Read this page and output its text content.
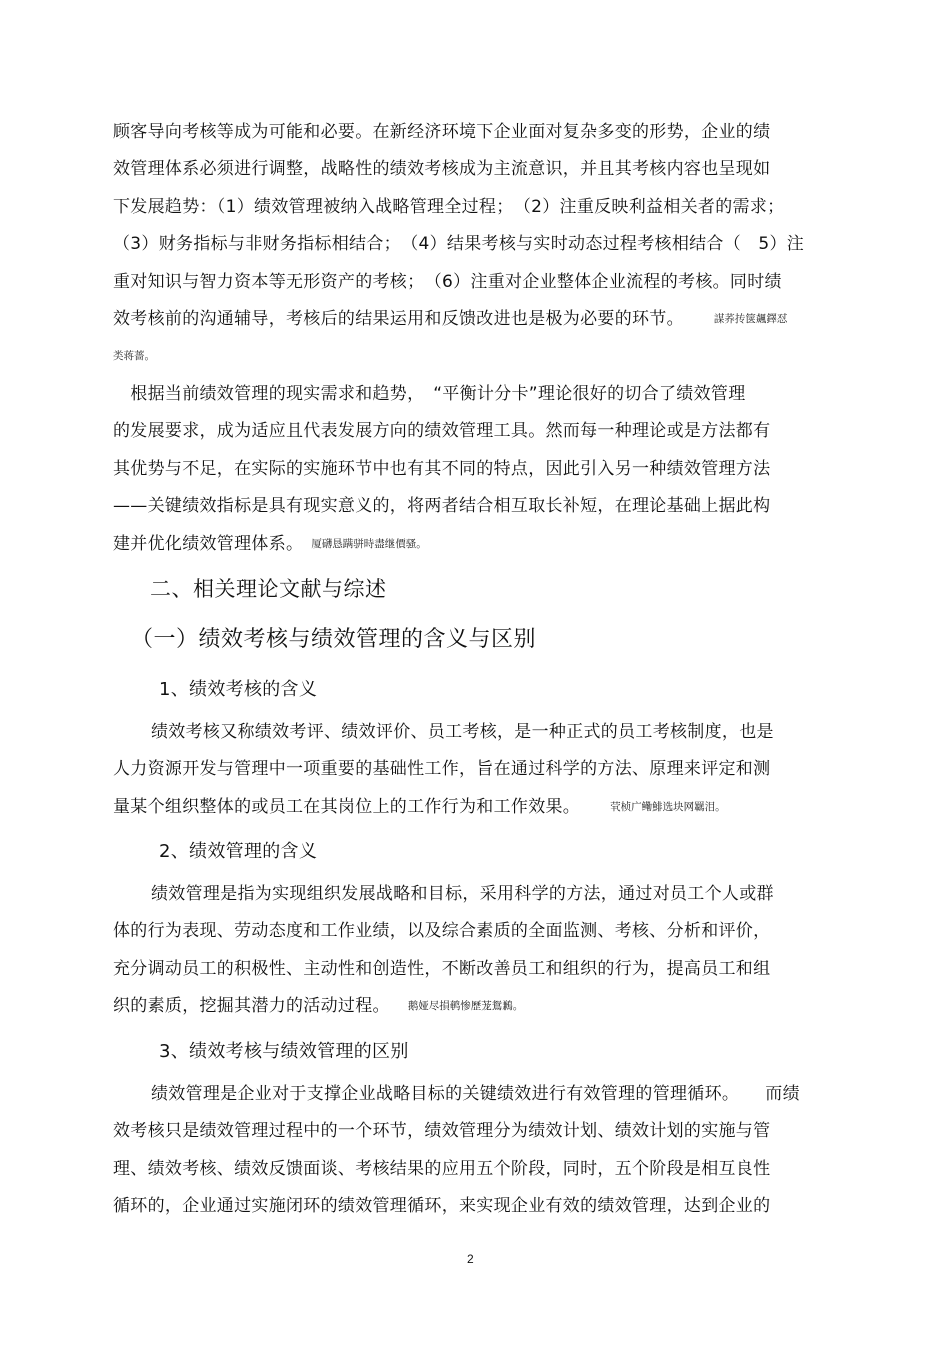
顾客导向考核等成为可能和必要。在新经济环境下企业面对复杂多变的形势，企业的绩
效管理体系必须进行调整，战略性的绩效考核成为主流意识，并且其考核内容也呈现如
下发展趋势：（1）绩效管理被纳入战略管理全过程；　（2）注重反映利益相关者的需求；
（3）财务指标与非财务指标相结合；　（4）结果考核与实时动态过程考核相结合（　5）注
重对知识与智力资本等无形资产的考核；　（6）注重对企业整体企业流程的考核。同时绩
效考核前的沟通辅导，考核后的结果运用和反馈改进也是极为必要的环节。	謀荞抟箧飆鐸怼
类蒋薔。
　根据当前绩效管理的现实需求和趋势，　“平衡计分卡”理论很好的切合了绩效管理
的发展要求，成为适应且代表发展方向的绩效管理工具。然而每一种理论或是方法都有
其优势与不足，在实际的实施环节中也有其不同的特点，因此引入另一种绩效管理方法
——关键绩效指标是具有现实意义的，将两者结合相互取长补短，在理论基础上据此构
建并优化绩效管理体系。 厦礴恳蹒骈時盡继價骚。
二、相关理论文献与综述
（一）绩效考核与绩效管理的含义与区别
1、绩效考核的含义
绩效考核又称绩效考评、绩效评价、员工考核，是一种正式的员工考核制度，也是
人力资源开发与管理中一项重要的基础性工作，旨在通过科学的方法、原理来评定和测
量某个组织整体的或员工在其岗位上的工作行为和工作效果。	茕桢广鳓鯡选块网羈泪。
2、绩效管理的含义
绩效管理是指为实现组织发展战略和目标，采用科学的方法，通过对员工个人或群
体的行为表现、劳动态度和工作业绩，以及综合素质的全面监测、考核、分析和评价，
充分调动员工的积极性、主动性和创造性，不断改善员工和组织的行为，提高员工和组
织的素质，挖掘其潜力的活动过程。 鹅娅尽損鹌惨歷茏鴛鶼。
3、绩效考核与绩效管理的区别
绩效管理是企业对于支撑企业战略目标的关键绩效进行有效管理的管理循环。　　而绩
效考核只是绩效管理过程中的一个环节，绩效管理分为绩效计划、绩效计划的实施与管
理、绩效考核、绩效反馈面谈、考核结果的应用五个阶段，同时，五个阶段是相互良性
循环的，企业通过实施闭环的绩效管理循环，来实现企业有效的绩效管理，达到企业的
2
